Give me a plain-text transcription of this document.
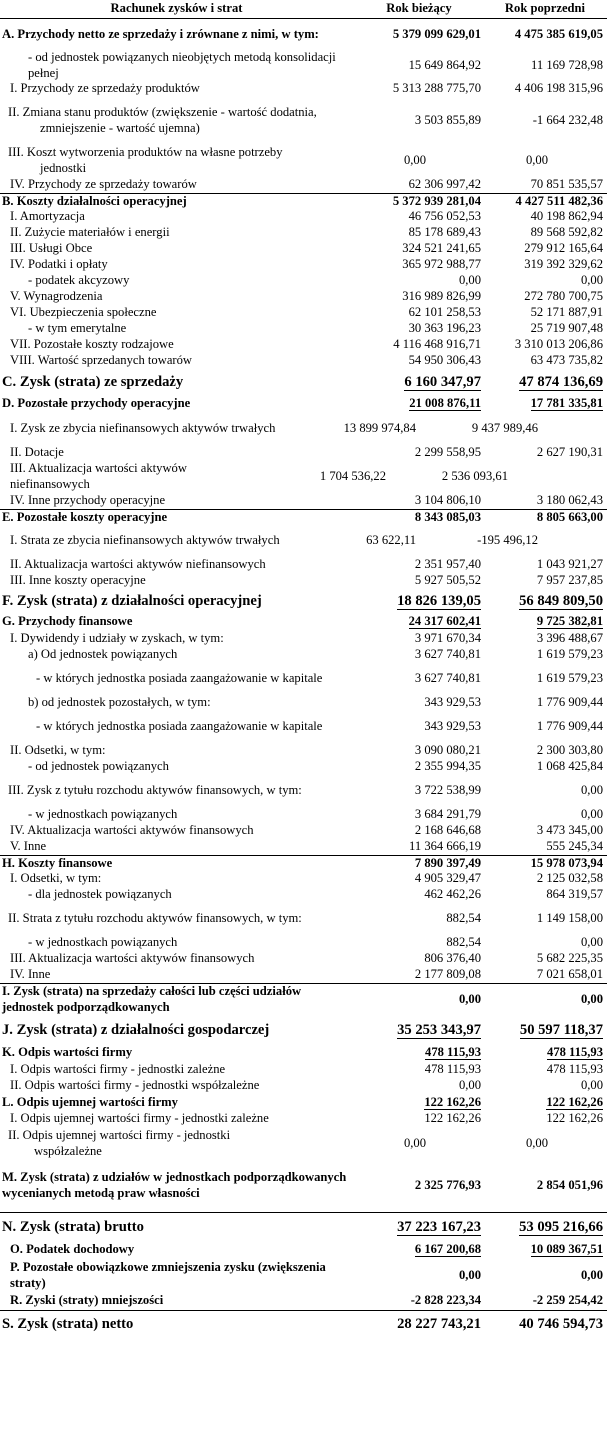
Rachunek zysków i strat	Rok bieżący	Rok poprzedni
A. Przychody netto ze sprzedaży i zrównane z nimi, w tym:	5 379 099 629,01	4 475 385 619,05
- od jednostek powiązanych nieobjętych metodą konsolidacji pełnej
15 649 864,92	11 169 728,98
I. Przychody ze sprzedaży produktów	5 313 288 775,70	4 406 198 315,96
II. Zmiana stanu produktów (zwiększenie - wartość dodatnia, zmniejszenie - wartość ujemna)
3 503 855,89	-1 664 232,48
III. Koszt wytworzenia produktów na własne potrzeby jednostki
0,00	0,00
IV. Przychody ze sprzedaży towarów	62 306 997,42	70 851 535,57
B. Koszty działalności operacyjnej	5 372 939 281,04	4 427 511 482,36
I. Amortyzacja	46 756 052,53	40 198 862,94
II. Zużycie materiałów i energii	85 178 689,43	89 568 592,82
III. Usługi Obce	324 521 241,65	279 912 165,64
IV. Podatki i opłaty	365 972 988,77	319 392 329,62
- podatek akcyzowy	0,00	0,00
V. Wynagrodzenia	316 989 826,99	272 780 700,75
VI. Ubezpieczenia społeczne	62 101 258,53	52 171 887,91
- w tym emerytalne	30 363 196,23	25 719 907,48
VII. Pozostałe koszty rodzajowe	4 116 468 916,71	3 310 013 206,86
VIII. Wartość sprzedanych towarów	54 950 306,43	63 473 735,82
C. Zysk (strata) ze sprzedaży	6 160 347,97	47 874 136,69
D. Pozostałe przychody operacyjne	21 008 876,11	17 781 335,81
I. Zysk ze zbycia niefinansowych aktywów trwałych	13 899 974,84	9 437 989,46
II. Dotacje	2 299 558,95	2 627 190,31
III. Aktualizacja wartości aktywów niefinansowych
1 704 536,22	2 536 093,61
IV. Inne przychody operacyjne	3 104 806,10	3 180 062,43
E. Pozostałe koszty operacyjne	8 343 085,03	8 805 663,00
I. Strata ze zbycia niefinansowych aktywów trwałych	63 622,11	-195 496,12
II. Aktualizacja wartości aktywów niefinansowych	2 351 957,40	1 043 921,27
III. Inne koszty operacyjne	5 927 505,52	7 957 237,85
F. Zysk (strata) z działalności operacyjnej	18 826 139,05	56 849 809,50
G. Przychody finansowe	24 317 602,41	9 725 382,81
I. Dywidendy i udziały w zyskach, w tym:	3 971 670,34	3 396 488,67
a) Od jednostek powiązanych	3 627 740,81	1 619 579,23
- w których jednostka posiada zaangażowanie w kapitale	3 627 740,81	1 619 579,23
b) od jednostek pozostałych, w tym:	343 929,53	1 776 909,44
- w których jednostka posiada zaangażowanie w kapitale	343 929,53	1 776 909,44
II. Odsetki, w tym:	3 090 080,21	2 300 303,80
- od jednostek powiązanych	2 355 994,35	1 068 425,84
III. Zysk z tytułu rozchodu aktywów finansowych, w tym:	3 722 538,99	0,00
- w jednostkach powiązanych	3 684 291,79	0,00
IV. Aktualizacja wartości aktywów finansowych	2 168 646,68	3 473 345,00
V. Inne	11 364 666,19	555 245,34
H. Koszty finansowe	7 890 397,49	15 978 073,94
I. Odsetki, w tym:	4 905 329,47	2 125 032,58
- dla jednostek powiązanych	462 462,26	864 319,57
II. Strata z tytułu rozchodu aktywów finansowych, w tym:	882,54	1 149 158,00
- w jednostkach powiązanych	882,54	0,00
III. Aktualizacja wartości aktywów finansowych	806 376,40	5 682 225,35
IV. Inne	2 177 809,08	7 021 658,01
I. Zysk (strata) na sprzedaży całości lub części udziałów jednostek podporządkowanych
0,00	0,00
J. Zysk (strata) z działalności gospodarczej	35 253 343,97	50 597 118,37
K. Odpis wartości firmy	478 115,93	478 115,93
I. Odpis wartości firmy - jednostki zależne	478 115,93	478 115,93
II. Odpis wartości firmy - jednostki współzależne	0,00	0,00
L. Odpis ujemnej wartości firmy	122 162,26	122 162,26
I. Odpis ujemnej wartości firmy - jednostki zależne	122 162,26	122 162,26
II. Odpis ujemnej wartości firmy - jednostki współzależne
0,00	0,00
M. Zysk (strata) z udziałów w jednostkach podporządkowanych wycenianych metodą praw własności
2 325 776,93	2 854 051,96
N. Zysk (strata) brutto	37 223 167,23	53 095 216,66
O. Podatek dochodowy	6 167 200,68	10 089 367,51
P. Pozostałe obowiązkowe zmniejszenia zysku (zwiększenia straty)
0,00	0,00
R. Zyski (straty) mniejszości	-2 828 223,34	-2 259 254,42
S. Zysk (strata) netto	28 227 743,21	40 746 594,73
